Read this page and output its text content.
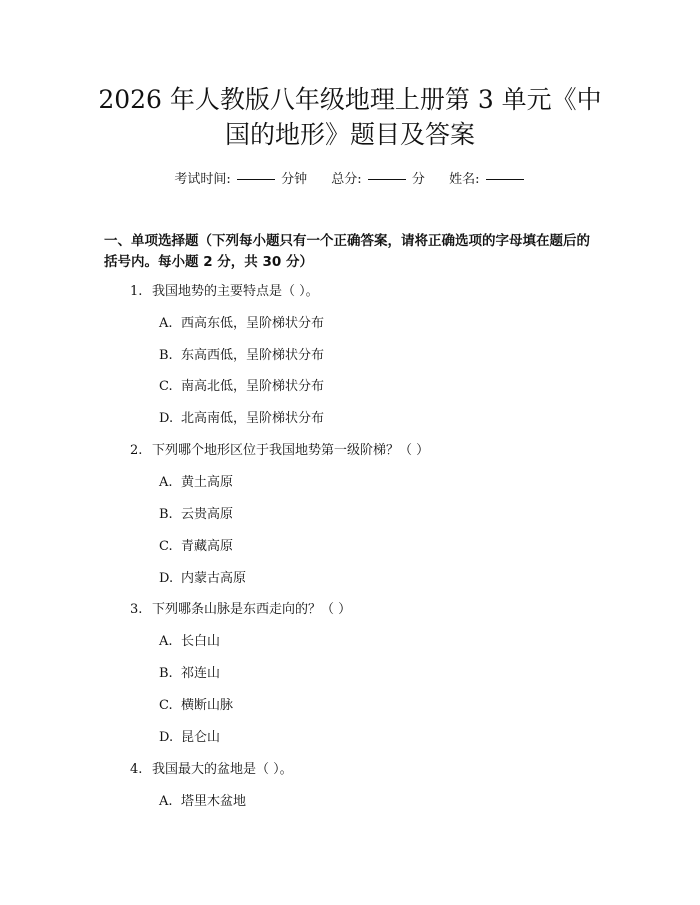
2026 年人教版八年级地理上册第 3 单元《中
国的地形》题目及答案
考试时间:	分钟 总分:	分 姓名:
一、单项选择题（下列每小题只有一个正确答案，请将正确选项的字母填在题后的括号内。每小题 2 分，共 30 分）
1. 我国地势的主要特点是（ ）。
A. 西高东低，呈阶梯状分布
B. 东高西低，呈阶梯状分布
C. 南高北低，呈阶梯状分布
D. 北高南低，呈阶梯状分布
2. 下列哪个地形区位于我国地势第一级阶梯？（ ）
A. 黄土高原
B. 云贵高原
C. 青藏高原
D. 内蒙古高原
3. 下列哪条山脉是东西走向的？（ ）
A. 长白山
B. 祁连山
C. 横断山脉
D. 昆仑山
4. 我国最大的盆地是（ ）。
A. 塔里木盆地
